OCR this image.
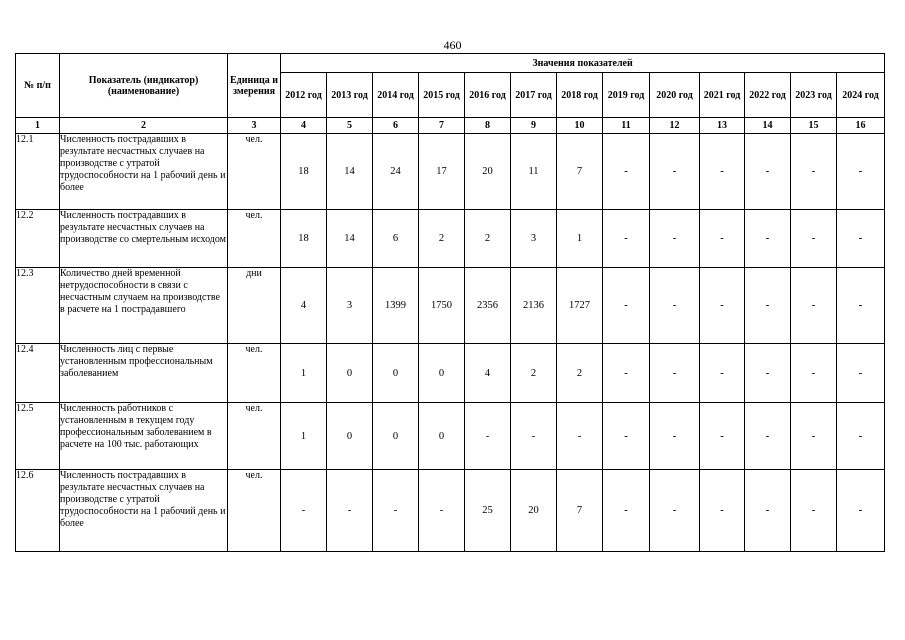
460
№ п/п	Показатель (индикатор) (наименование)	Единица измерения	Значения показателей												
			2012 год	2013 год	2014 год	2015 год	2016 год	2017 год	2018 год	2019 год	2020 год	2021 год	2022 год	2023 год	2024 год
1	2	3	4	5	6	7	8	9	10	11	12	13	14	15	16
12.1	Численность пострадавших в результате несчастных случаев на производстве с утратой трудоспособности на 1 рабочий день и более	чел.	18	14	24	17	20	11	7	-	-	-	-	-	-
12.2	Численность пострадавших в результате несчастных случаев на производстве со смертельным исходом	чел.	18	14	6	2	2	3	1	-	-	-	-	-	-
12.3	Количество дней временной нетрудоспособности в связи с несчастным случаем на производстве в расчете на 1 пострадавшего	дни	4	3	1399	1750	2356	2136	1727	-	-	-	-	-	-
12.4	Численность лиц с первые установленным профессиональным заболеванием	чел.	1	0	0	0	4	2	2	-	-	-	-	-	-
12.5	Численность работников с установленным в текущем году профессиональным заболеванием в расчете на 100 тыс. работающих	чел.	1	0	0	0	-	-	-	-	-	-	-	-	-
12.6	Численность пострадавших в результате несчастных случаев на производстве с утратой трудоспособности на 1 рабочий день и более	чел.	-	-	-	-	25	20	7	-	-	-	-	-	-
